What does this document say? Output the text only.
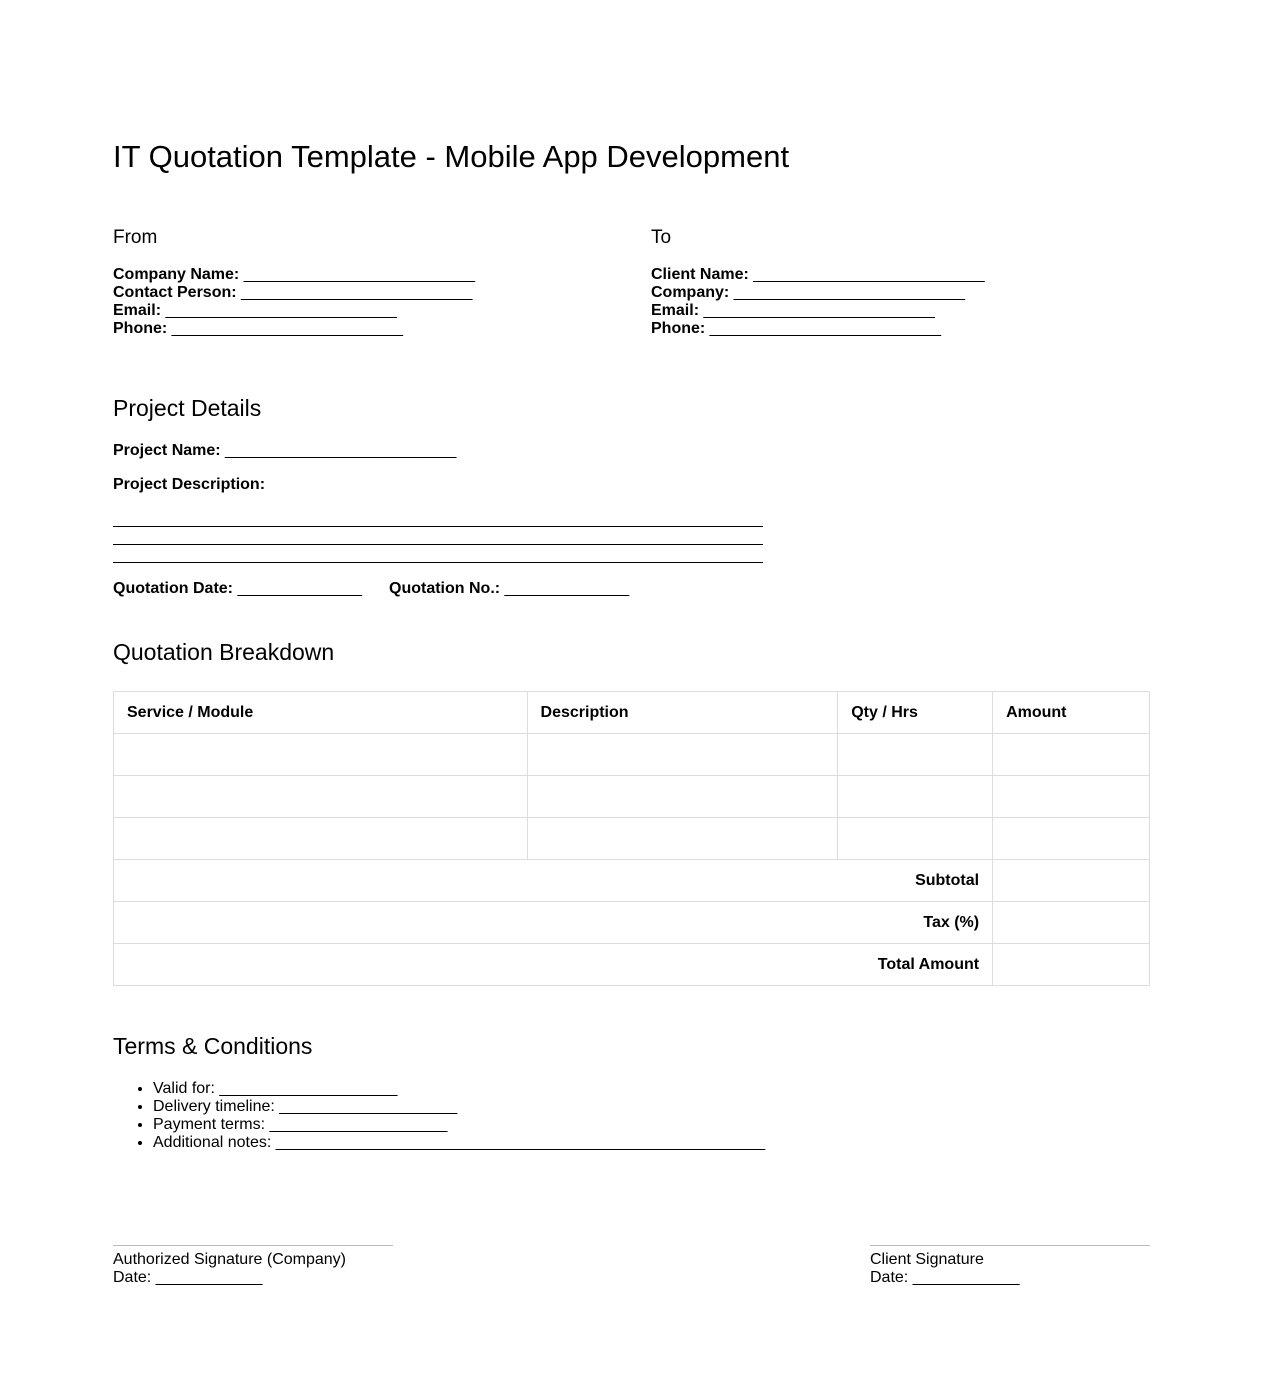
IT Quotation Template - Mobile App Development
From
Company Name: __________________________
Contact Person: __________________________
Email: __________________________
Phone: __________________________
To
Client Name: __________________________
Company: __________________________
Email: __________________________
Phone: __________________________
Project Details
Project Name: __________________________
Project Description:
Quotation Date: ______________ Quotation No.: ______________
Quotation Breakdown
Service / Module	Description	Qty / Hrs	Amount

Subtotal			
Tax (%)			
Total Amount			
Terms & Conditions
• Valid for: ____________________
• Delivery timeline: ____________________
• Payment terms: ____________________
• Additional notes: _______________________________________________________
Authorized Signature (Company)
Date: ____________
Client Signature
Date: ____________
